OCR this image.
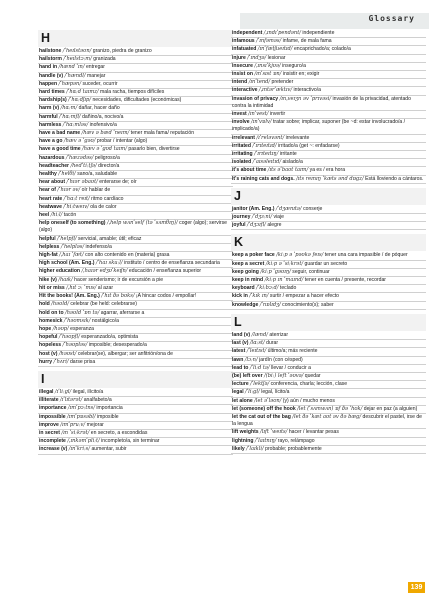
Glossary
H
hailstone /ˈheɪlstəʊn/ granizo, piedra de granizo
hailstorm /ˈheɪlstɔːm/ granizada
hand in /hænd ˈɪn/ entregar
handle (v) /ˈhændl/ manejar
happen /ˈhæpən/ suceder, ocurrir
hard times /ˈhɑːd taɪmz/ mala racha, tiempos difíciles
hardship(s) /ˈhɑːdʃɪp/ necesidades, dificultades (económicas)
harm (v) /hɑːm/ dañar, hacer daño
harmful /ˈhɑːmfl/ dañino/a, nocivo/a
harmless /ˈhɑːmləs/ inofensivo/a
have a bad name /hæv ə bæd ˈneɪm/ tener mala fama/ reputación
have a go /hæv ə ˈɡəʊ/ probar / intentar (algo)
have a good time /hæv ə ˈɡʊd taɪm/ pasarlo bien, divertirse
hazardous /ˈhæzədəs/ peligroso/a
headteacher /hedˈtiːtʃə/ director/a
healthy /ˈhelθi/ sano/a, saludable
hear about /ˈhɪər əbaʊt/ enterarse de; oír
hear of /ˈhɪər əv/ oír hablar de
heart rate /ˈhɑːt reɪt/ ritmo cardíaco
heatwave /ˈhiːtweɪv/ ola de calor
heel /hiːl/ tacón
help oneself (to something) /ˌhelp wʌnˈself (tə ˈsʌmθɪŋ)/ coger (algo); servirse (algo)
helpful /ˈhelpfl/ servicial, amable; útil; eficaz
helpless /ˈhelpləs/ indefenso/a
high-fat /ˌhaɪ ˈfæt/ con alto contenido en (materia) grasa
high school (Am. Eng.) /ˈhaɪ skuːl/ instituto / centro de enseñanza secundaria
higher education /ˌhaɪər edʒʊˈkeɪʃn/ educación / enseñanza superior
hike (v) /haɪk/ hacer senderismo; ir de excursión a pie
hit or miss /ˌhɪt ɔː ˈmɪs/ al azar
Hit the books! (Am. Eng.) /ˈhɪt ðə bʊks/ ¡A hincar codos / empollar!
hold /həʊld/ celebrar (be held: celebrarse)
hold on to /həʊld ˈɒn tə/ agarrar, aferrarse a
homesick /ˈhəʊmsɪk/ nostálgico/a
hope /həʊp/ esperanza
hopeful /ˈhəʊpfl/ esperanzado/a, optimista
hopeless /ˈhəʊpləs/ imposible; desesperado/a
host (v) /həʊst/ celebrar(se), albergar; ser anfitrión/ona de
hurry /ˈhʌri/ darse prisa
I
illegal /ɪˈliːɡl/ ilegal, ilícito/a
illiterate /ɪˈlɪtərət/ analfabeto/a
importance /ɪmˈpɔːtns/ importancia
impossible /ɪmˈpɒsəbl/ imposible
improve /ɪmˈpruːv/ mejorar
in secret /ɪn ˈsiːkrət/ en secreto, a escondidas
incomplete /ˌɪnkəmˈpliːt/ incompleto/a, sin terminar
increase (v) /ɪnˈkriːs/ aumentar, subir
independent /ˌɪndɪˈpendənt/ independiente
infamous /ˈɪnfəməs/ infame, de mala fama
infatuated /ɪnˈfætʃueɪtɪd/ encaprichado/a; colado/a
injure /ˈɪndʒə/ lesionar
insecure /ˌɪnsɪˈkjʊə/ inseguro/a
insist on /ɪnˈsɪst ɒn/ insistir en; exigir
intend /ɪnˈtend/ pretender
interactive /ˌɪntərˈæktɪv/ interactivo/a
invasion of privacy /ɪnˌveɪʒn əv ˈprɪvəsi/ invasión de la privacidad, atentado contra la intimidad
invest /ɪnˈvest/ invertir
involve /ɪnˈvɒlv/ tratar sobre; implicar, suponer (be ~d: estar involucrado/a / implicado/a)
irrelevant /ɪˈreləvənt/ irrelevante
irritated /ˈɪrɪteɪtɪd/ irritado/a (get ~: enfadarse)
irritating /ˈɪrɪteɪtɪŋ/ irritante
isolated /ˈaɪsəleɪtɪd/ aislado/a
it's about time /ɪts əˈbaʊt taɪm/ ya es / era hora
It's raining cats and dogs. /ɪts reɪnɪŋ ˈkæts ənd dɒɡz/ Está lloviendo a cántaros.
J
janitor (Am. Eng.) /ˈdʒænɪtə/ conserje
journey /ˈdʒɜːni/ viaje
joyful /ˈdʒɔɪfl/ alegre
K
keep a poker face /kiːp ə ˈpəʊkə feɪs/ tener una cara impasible / de póquer
keep a secret /kiːp ə ˈsiːkrət/ guardar un secreto
keep going /kiːp ˈɡəʊɪŋ/ seguir, continuar
keep in mind /kiːp ɪn ˈmaɪnd/ tener en cuenta / presente, recordar
keyboard /ˈkiːbɔːd/ teclado
kick in /ˈkɪk ɪn/ surtir / empezar a hacer efecto
knowledge /ˈnɒlɪdʒ/ conocimiento(s); saber
L
land (v) /lænd/ aterrizar
last (v) /lɑːst/ durar
latest /ˈleɪtɪst/ último/a; más reciente
lawn /lɔːn/ jardín (con césped)
lead to /ˈliːd tə/ llevar / conducir a
(be) left over /(biː) left ˈəʊvə/ quedar
lecture /ˈlektʃə/ conferencia, charla; lección, clase
legal /ˈliːɡl/ legal, lícito/a
let alone /let əˈləʊn/ (y) aún / mucho menos
let (someone) off the hook /let (ˈsʌmwʌn) ɒf ðə ˈhʊk/ dejar en paz (a alguien)
let the cat out of the bag /let ðə ˈkæt aʊt əv ðə bæɡ/ descubrir el pastel, irse de la lengua
lift weights /lɪft ˈweɪts/ hacer / levantar pesas
lightning /ˈlaɪtnɪŋ/ rayo, relámpago
likely /ˈlaɪkli/ probable; probablemente
139
